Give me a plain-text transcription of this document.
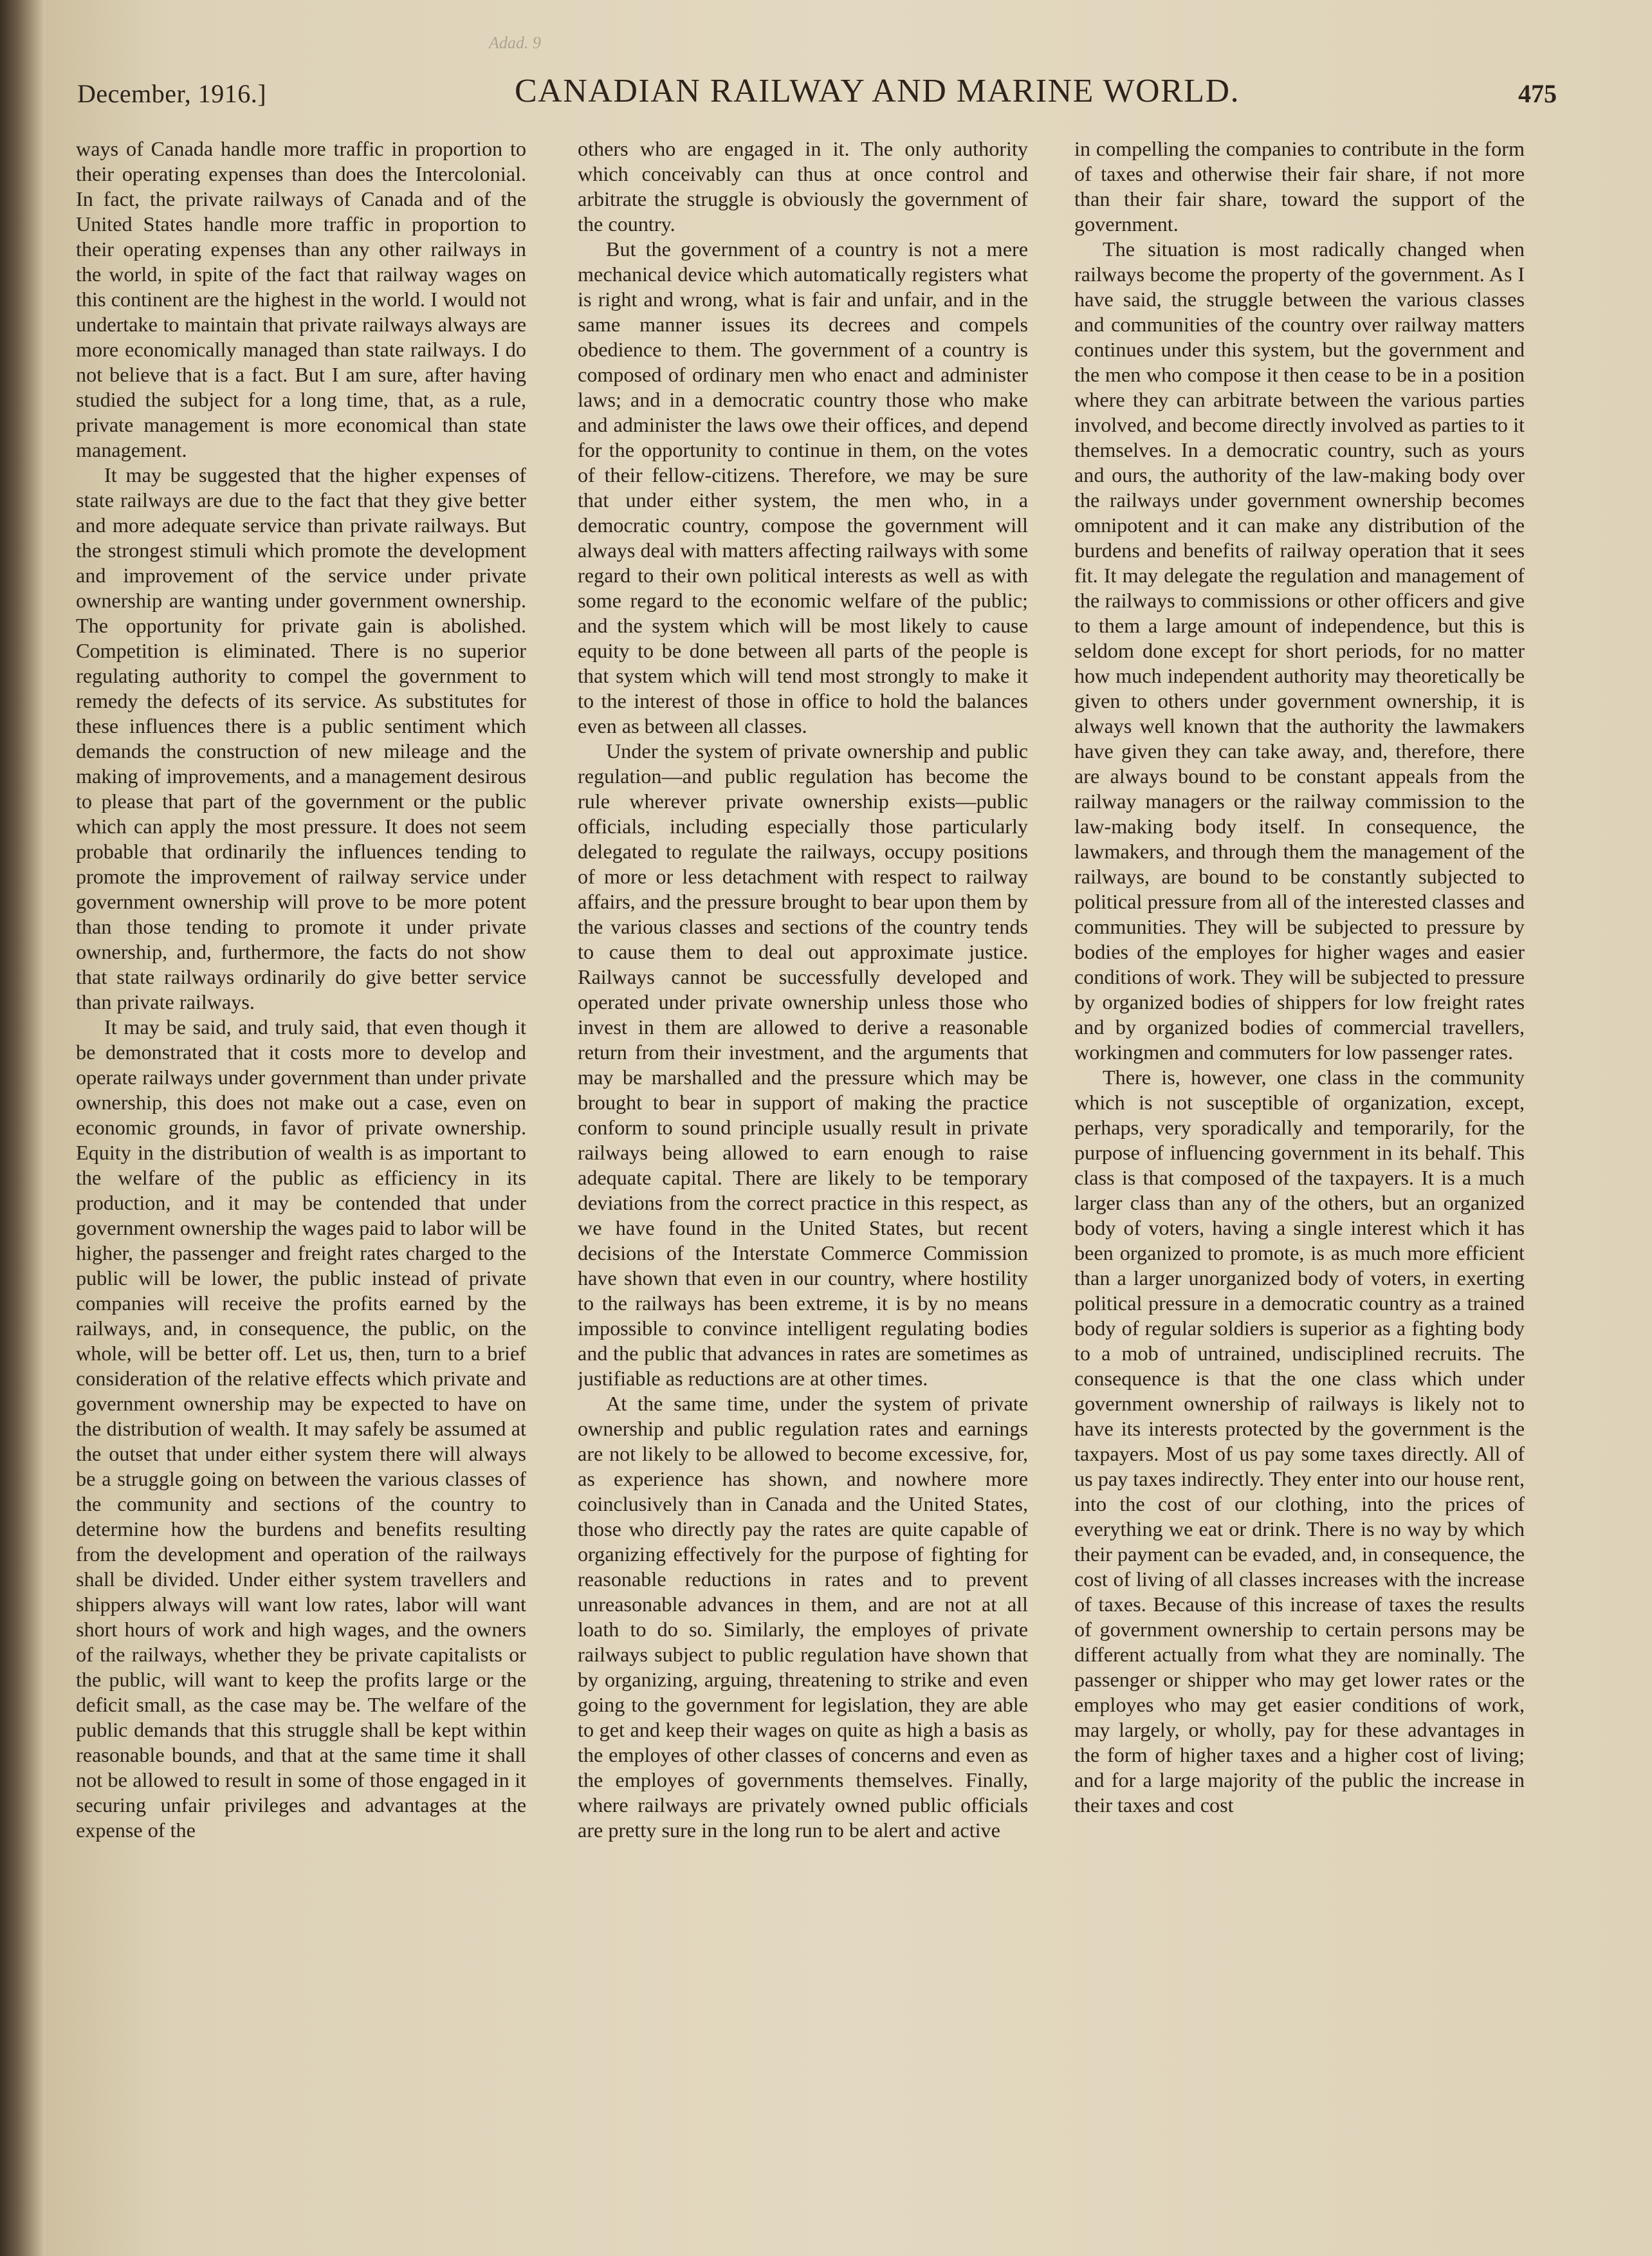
December, 1916.]	CANADIAN RAILWAY AND MARINE WORLD.	475
Adad. 9

ways of Canada handle more traffic in proportion to their operating expenses than does the Intercolonial. In fact, the private railways of Canada and of the United States handle more traffic in proportion to their operating expenses than any other railways in the world, in spite of the fact that railway wages on this continent are the highest in the world. I would not undertake to maintain that private railways always are more economically managed than state railways. I do not believe that is a fact. But I am sure, after having studied the subject for a long time, that, as a rule, private management is more economical than state management.

It may be suggested that the higher expenses of state railways are due to the fact that they give better and more adequate service than private railways. But the strongest stimuli which promote the development and improvement of the service under private ownership are wanting under government ownership. The opportunity for private gain is abolished. Competition is eliminated. There is no superior regulating authority to compel the government to remedy the defects of its service. As substitutes for these influences there is a public sentiment which demands the construction of new mileage and the making of improvements, and a management desirous to please that part of the government or the public which can apply the most pressure. It does not seem probable that ordinarily the influences tending to promote the improvement of railway service under government ownership will prove to be more potent than those tending to promote it under private ownership, and, furthermore, the facts do not show that state railways ordinarily do give better service than private railways.

It may be said, and truly said, that even though it be demonstrated that it costs more to develop and operate railways under government than under private ownership, this does not make out a case, even on economic grounds, in favor of private ownership. Equity in the distribution of wealth is as important to the welfare of the public as efficiency in its production, and it may be contended that under government ownership the wages paid to labor will be higher, the passenger and freight rates charged to the public will be lower, the public instead of private companies will receive the profits earned by the railways, and, in consequence, the public, on the whole, will be better off. Let us, then, turn to a brief consideration of the relative effects which private and government ownership may be expected to have on the distribution of wealth. It may safely be assumed at the outset that under either system there will always be a struggle going on between the various classes of the community and sections of the country to determine how the burdens and benefits resulting from the development and operation of the railways shall be divided. Under either system travellers and shippers always will want low rates, labor will want short hours of work and high wages, and the owners of the railways, whether they be private capitalists or the public, will want to keep the profits large or the deficit small, as the case may be. The welfare of the public demands that this struggle shall be kept within reasonable bounds, and that at the same time it shall not be allowed to result in some of those engaged in it securing unfair privileges and advantages at the expense of the

others who are engaged in it. The only authority which conceivably can thus at once control and arbitrate the struggle is obviously the government of the country.

But the government of a country is not a mere mechanical device which automatically registers what is right and wrong, what is fair and unfair, and in the same manner issues its decrees and compels obedience to them. The government of a country is composed of ordinary men who enact and administer laws; and in a democratic country those who make and administer the laws owe their offices, and depend for the opportunity to continue in them, on the votes of their fellow-citizens. Therefore, we may be sure that under either system, the men who, in a democratic country, compose the government will always deal with matters affecting railways with some regard to their own political interests as well as with some regard to the economic welfare of the public; and the system which will be most likely to cause equity to be done between all parts of the people is that system which will tend most strongly to make it to the interest of those in office to hold the balances even as between all classes.

Under the system of private ownership and public regulation—and public regulation has become the rule wherever private ownership exists—public officials, including especially those particularly delegated to regulate the railways, occupy positions of more or less detachment with respect to railway affairs, and the pressure brought to bear upon them by the various classes and sections of the country tends to cause them to deal out approximate justice. Railways cannot be successfully developed and operated under private ownership unless those who invest in them are allowed to derive a reasonable return from their investment, and the arguments that may be marshalled and the pressure which may be brought to bear in support of making the practice conform to sound principle usually result in private railways being allowed to earn enough to raise adequate capital. There are likely to be temporary deviations from the correct practice in this respect, as we have found in the United States, but recent decisions of the Interstate Commerce Commission have shown that even in our country, where hostility to the railways has been extreme, it is by no means impossible to convince intelligent regulating bodies and the public that advances in rates are sometimes as justifiable as reductions are at other times.

At the same time, under the system of private ownership and public regulation rates and earnings are not likely to be allowed to become excessive, for, as experience has shown, and nowhere more coinclusively than in Canada and the United States, those who directly pay the rates are quite capable of organizing effectively for the purpose of fighting for reasonable reductions in rates and to prevent unreasonable advances in them, and are not at all loath to do so. Similarly, the employes of private railways subject to public regulation have shown that by organizing, arguing, threatening to strike and even going to the government for legislation, they are able to get and keep their wages on quite as high a basis as the employes of other classes of concerns and even as the employes of governments themselves. Finally, where railways are privately owned public officials are pretty sure in the long run to be alert and active

in compelling the companies to contribute in the form of taxes and otherwise their fair share, if not more than their fair share, toward the support of the government.

The situation is most radically changed when railways become the property of the government. As I have said, the struggle between the various classes and communities of the country over railway matters continues under this system, but the government and the men who compose it then cease to be in a position where they can arbitrate between the various parties involved, and become directly involved as parties to it themselves. In a democratic country, such as yours and ours, the authority of the law-making body over the railways under government ownership becomes omnipotent and it can make any distribution of the burdens and benefits of railway operation that it sees fit. It may delegate the regulation and management of the railways to commissions or other officers and give to them a large amount of independence, but this is seldom done except for short periods, for no matter how much independent authority may theoretically be given to others under government ownership, it is always well known that the authority the lawmakers have given they can take away, and, therefore, there are always bound to be constant appeals from the railway managers or the railway commission to the law-making body itself. In consequence, the lawmakers, and through them the management of the railways, are bound to be constantly subjected to political pressure from all of the interested classes and communities. They will be subjected to pressure by bodies of the employes for higher wages and easier conditions of work. They will be subjected to pressure by organized bodies of shippers for low freight rates and by organized bodies of commercial travellers, workingmen and commuters for low passenger rates.

There is, however, one class in the community which is not susceptible of organization, except, perhaps, very sporadically and temporarily, for the purpose of influencing government in its behalf. This class is that composed of the taxpayers. It is a much larger class than any of the others, but an organized body of voters, having a single interest which it has been organized to promote, is as much more efficient than a larger unorganized body of voters, in exerting political pressure in a democratic country as a trained body of regular soldiers is superior as a fighting body to a mob of untrained, undisciplined recruits. The consequence is that the one class which under government ownership of railways is likely not to have its interests protected by the government is the taxpayers. Most of us pay some taxes directly. All of us pay taxes indirectly. They enter into our house rent, into the cost of our clothing, into the prices of everything we eat or drink. There is no way by which their payment can be evaded, and, in consequence, the cost of living of all classes increases with the increase of taxes. Because of this increase of taxes the results of government ownership to certain persons may be different actually from what they are nominally. The passenger or shipper who may get lower rates or the employes who may get easier conditions of work, may largely, or wholly, pay for these advantages in the form of higher taxes and a higher cost of living; and for a large majority of the public the increase in their taxes and cost
